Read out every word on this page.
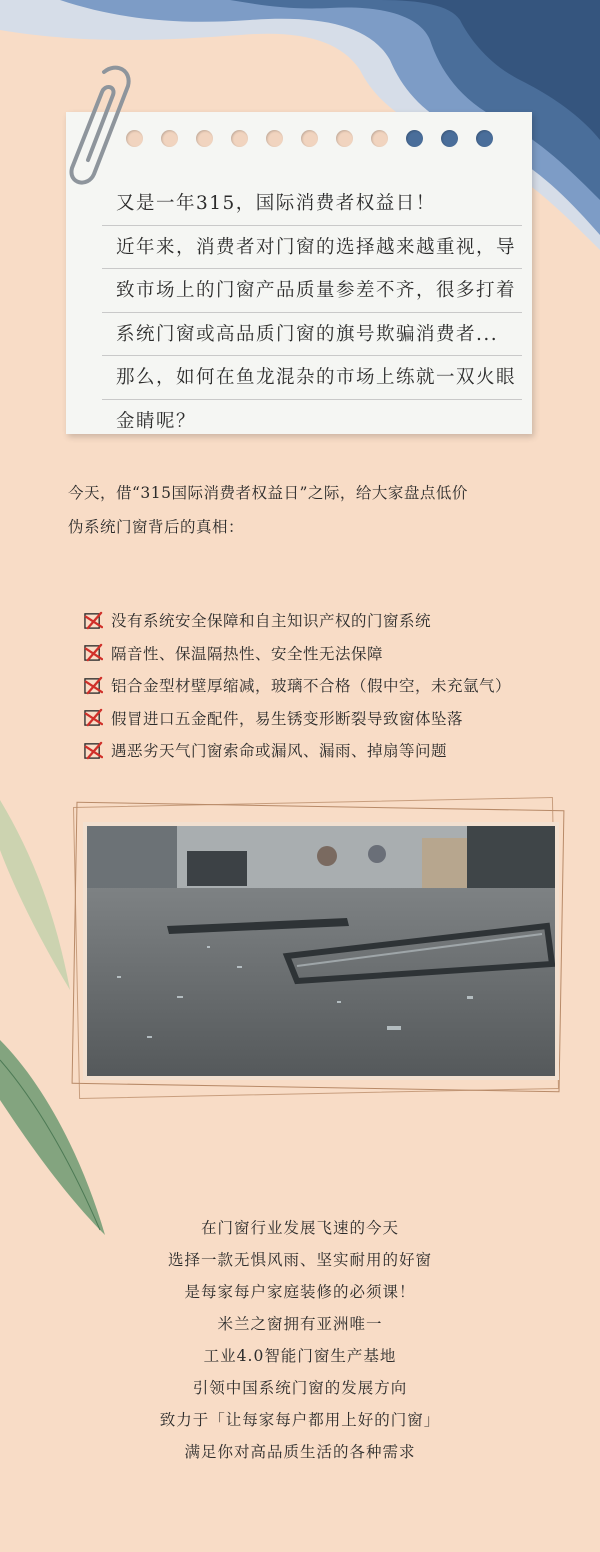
又是一年315，国际消费者权益日！
近年来，消费者对门窗的选择越来越重视，导
致市场上的门窗产品质量参差不齐，很多打着
系统门窗或高品质门窗的旗号欺骗消费者...
那么，如何在鱼龙混杂的市场上练就一双火眼
金睛呢？
今天，借“315国际消费者权益日”之际，给大家盘点低价
伪系统门窗背后的真相：
没有系统安全保障和自主知识产权的门窗系统
隔音性、保温隔热性、安全性无法保障
铝合金型材壁厚缩减，玻璃不合格（假中空，未充氩气）
假冒进口五金配件，易生锈变形断裂导致窗体坠落
遇恶劣天气门窗索命或漏风、漏雨、掉扇等问题
在门窗行业发展飞速的今天
选择一款无惧风雨、坚实耐用的好窗
是每家每户家庭装修的必须课！
米兰之窗拥有亚洲唯一
工业4.0智能门窗生产基地
引领中国系统门窗的发展方向
致力于「让每家每户都用上好的门窗」
满足你对高品质生活的各种需求
